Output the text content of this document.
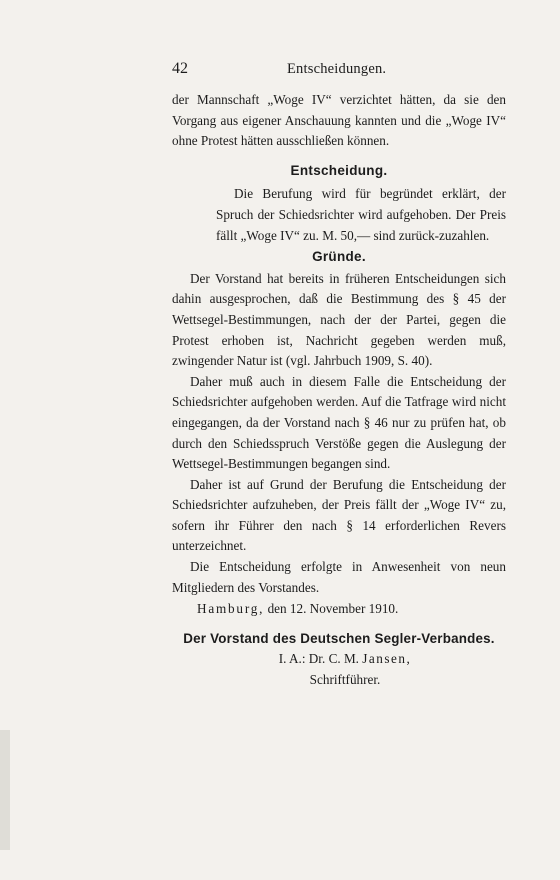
42	Entscheidungen.

der Mannschaft „Woge IV“ verzichtet hätten, da sie den Vorgang aus eigener Anschauung kannten und die „Woge IV“ ohne Protest hätten ausschließen können.

Entscheidung.

Die Berufung wird für begründet erklärt, der Spruch der Schiedsrichter wird aufgehoben. Der Preis fällt „Woge IV“ zu. M. 50,— sind zurück-zuzahlen.

Gründe.

Der Vorstand hat bereits in früheren Entscheidungen sich dahin ausgesprochen, daß die Bestimmung des § 45 der Wettsegel-Bestimmungen, nach der der Partei, gegen die Protest erhoben ist, Nachricht gegeben werden muß, zwingender Natur ist (vgl. Jahrbuch 1909, S. 40).

Daher muß auch in diesem Falle die Entscheidung der Schiedsrichter aufgehoben werden. Auf die Tatfrage wird nicht eingegangen, da der Vorstand nach § 46 nur zu prüfen hat, ob durch den Schiedsspruch Verstöße gegen die Auslegung der Wettsegel-Bestimmungen begangen sind.

Daher ist auf Grund der Berufung die Entscheidung der Schiedsrichter aufzuheben, der Preis fällt der „Woge IV“ zu, sofern ihr Führer den nach § 14 erforderlichen Revers unterzeichnet.

Die Entscheidung erfolgte in Anwesenheit von neun Mitgliedern des Vorstandes.

Hamburg, den 12. November 1910.

Der Vorstand des Deutschen Segler-Verbandes.

I. A.: Dr. C. M. Jansen,

Schriftführer.
